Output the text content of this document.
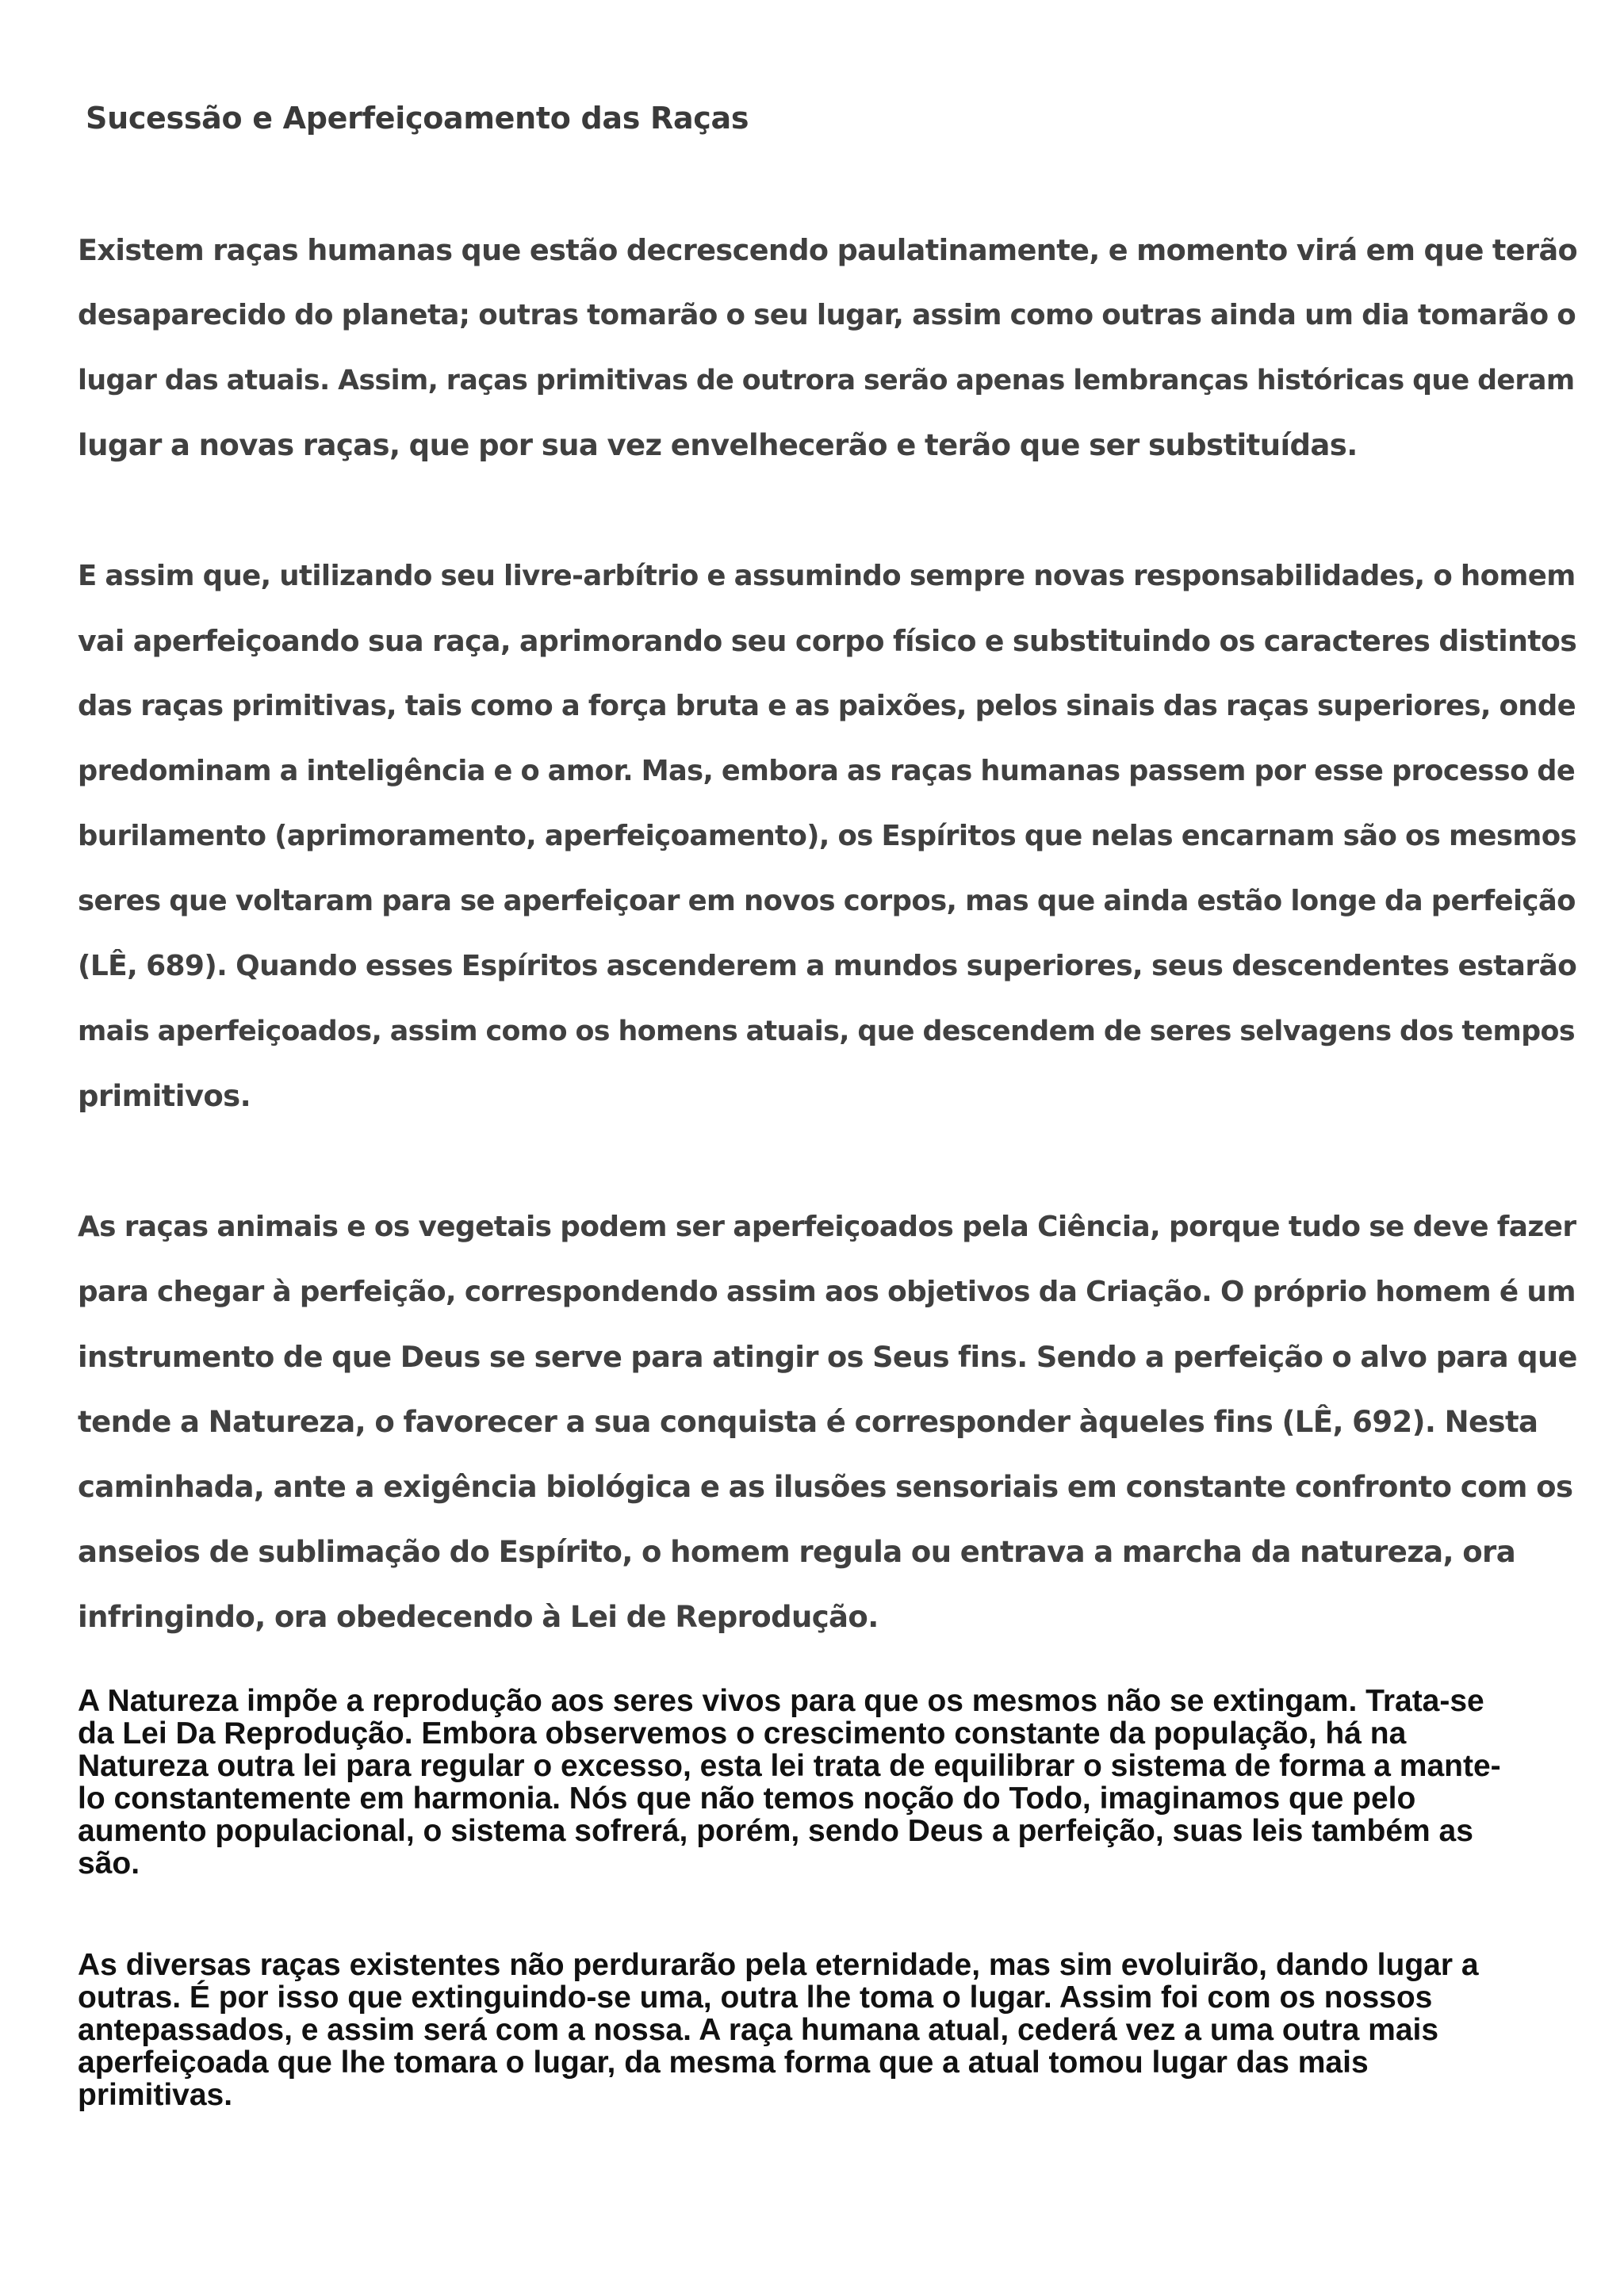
Sucessão e Aperfeiçoamento das Raças
Existem raças humanas que estão decrescendo paulatinamente, e momento virá em que terão
desaparecido do planeta; outras tomarão o seu lugar, assim como outras ainda um dia tomarão o
lugar das atuais. Assim, raças primitivas de outrora serão apenas lembranças históricas que deram
lugar a novas raças, que por sua vez envelhecerão e terão que ser substituídas.
E assim que, utilizando seu livre-arbítrio e assumindo sempre novas responsabilidades, o homem
vai aperfeiçoando sua raça, aprimorando seu corpo físico e substituindo os caracteres distintos
das raças primitivas, tais como a força bruta e as paixões, pelos sinais das raças superiores, onde
predominam a inteligência e o amor. Mas, embora as raças humanas passem por esse processo de
burilamento (aprimoramento, aperfeiçoamento), os Espíritos que nelas encarnam são os mesmos
seres que voltaram para se aperfeiçoar em novos corpos, mas que ainda estão longe da perfeição
(LÊ, 689). Quando esses Espíritos ascenderem a mundos superiores, seus descendentes estarão
mais aperfeiçoados, assim como os homens atuais, que descendem de seres selvagens dos tempos
primitivos.
As raças animais e os vegetais podem ser aperfeiçoados pela Ciência, porque tudo se deve fazer
para chegar à perfeição, correspondendo assim aos objetivos da Criação. O próprio homem é um
instrumento de que Deus se serve para atingir os Seus fins. Sendo a perfeição o alvo para que
tende a Natureza, o favorecer a sua conquista é corresponder àqueles fins (LÊ, 692). Nesta
caminhada, ante a exigência biológica e as ilusões sensoriais em constante confronto com os
anseios de sublimação do Espírito, o homem regula ou entrava a marcha da natureza, ora
infringindo, ora obedecendo à Lei de Reprodução.
A Natureza impõe a reprodução aos seres vivos para que os mesmos não se extingam. Trata-se
da Lei Da Reprodução. Embora observemos o crescimento constante da população, há na
Natureza outra lei para regular o excesso, esta lei trata de equilibrar o sistema de forma a mante-
lo constantemente em harmonia. Nós que não temos noção do Todo, imaginamos que pelo
aumento populacional, o sistema sofrerá, porém, sendo Deus a perfeição, suas leis também as
são.
As diversas raças existentes não perdurarão pela eternidade, mas sim evoluirão, dando lugar a
outras. É por isso que extinguindo-se uma, outra lhe toma o lugar. Assim foi com os nossos
antepassados, e assim será com a nossa. A raça humana atual, cederá vez a uma outra mais
aperfeiçoada que lhe tomara o lugar, da mesma forma que a atual tomou lugar das mais
primitivas.
